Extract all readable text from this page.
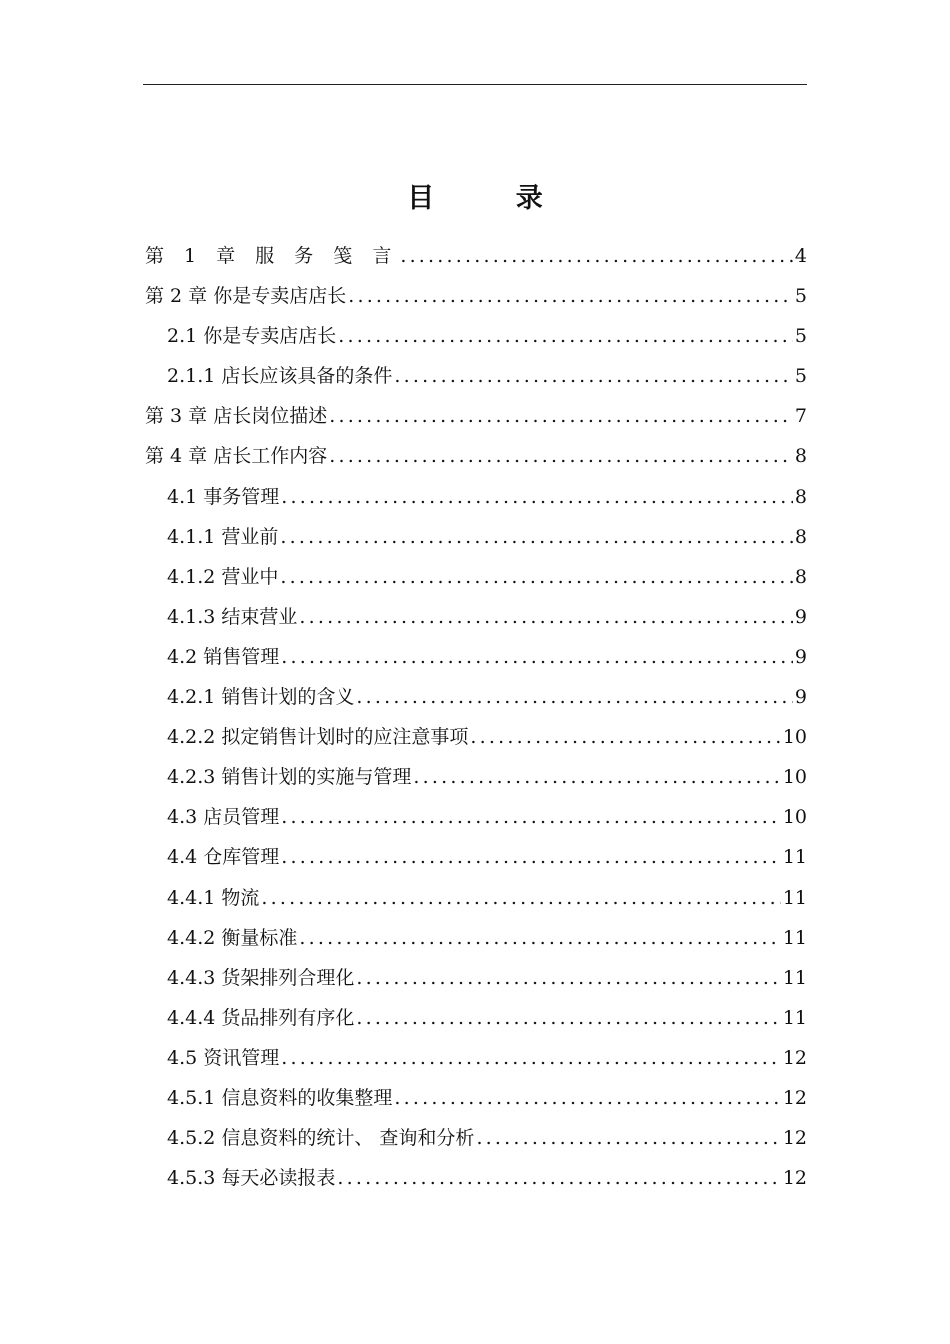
目 录
第 1 章 服 务 笺 言 .....	4
第 2 章 你是专卖店店长 .....	5
2.1 你是专卖店店长 .....	5
2.1.1 店长应该具备的条件 .....	5
第 3 章 店长岗位描述 .....	7
第 4 章 店长工作内容 .....	8
4.1 事务管理 .....	8
4.1.1 营业前 .....	8
4.1.2 营业中 .....	8
4.1.3 结束营业 .....	9
4.2 销售管理 .....	9
4.2.1 销售计划的含义 .....	9
4.2.2 拟定销售计划时的应注意事项 .....	10
4.2.3 销售计划的实施与管理 .....	10
4.3 店员管理 .....	10
4.4 仓库管理 .....	11
4.4.1 物流 .....	11
4.4.2 衡量标准 .....	11
4.4.3 货架排列合理化 .....	11
4.4.4 货品排列有序化 .....	11
4.5 资讯管理 .....	12
4.5.1 信息资料的收集整理 .....	12
4.5.2 信息资料的统计、 查询和分析 .....	12
4.5.3 每天必读报表 .....	12
